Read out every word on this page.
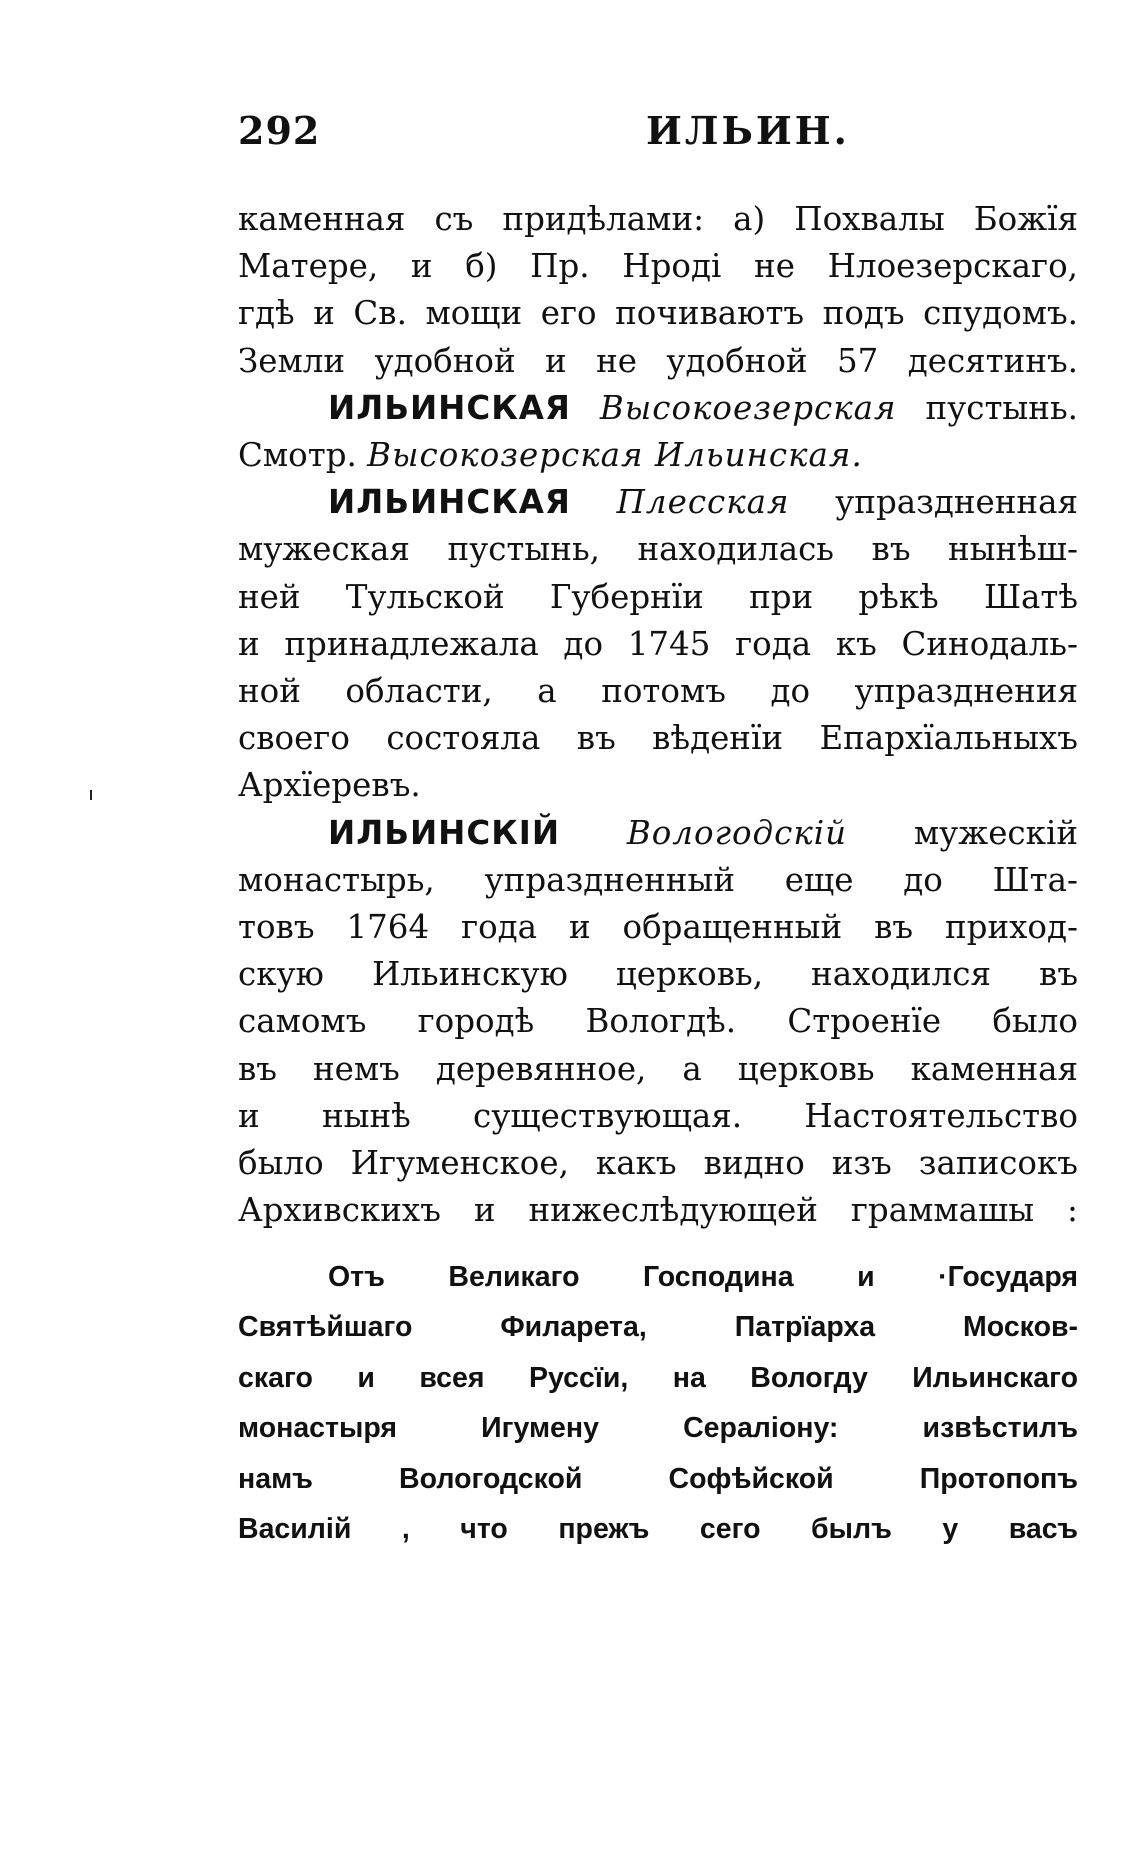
292	ИЛЬИН.

каменная съ придѣлами: а) Похвалы Божїя
Матере, и б) Пр. Нроді не Нлоезерскаго,
гдѣ и Св. мощи его почиваютъ подъ спудомъ.
Земли удобной и не удобной 57 десятинъ.

ИЛЬИНСКАЯ Высокоезерская пустынь.
Смотр. Высокозерская Ильинская.

ИЛЬИНСКАЯ Плесская упраздненная
мужеская пустынь, находилась въ нынѣш-
ней Тульской Губернїи при рѣкѣ Шатѣ
и принадлежала до 1745 года къ Синодаль-
ной области, а потомъ до упразднения
своего состояла въ вѣденїи Епархїальныхъ
Архїеревъ.

ИЛЬИНСКІЙ Вологодскій мужескій
монастырь, упраздненный еще до Шта-
товъ 1764 года и обращенный въ приход-
скую Ильинскую церковь, находился въ
самомъ городѣ Вологдѣ. Строенїе было
въ немъ деревянное, а церковь каменная
и нынѣ существующая. Настоятельство
было Игуменское, какъ видно изъ записокъ
Архивскихъ и нижеслѣдующей граммашы :

Отъ Великаго Господина и ·Государя
Святѣйшаго Филарета, Патрїарха Москов-
скаго и всея Руссїи, на Вологду Ильинскаго
монастыря Игумену Сераліону: извѣстилъ
намъ Вологодской Софѣйской Протопопъ
Василій , что прежъ сего былъ у васъ
